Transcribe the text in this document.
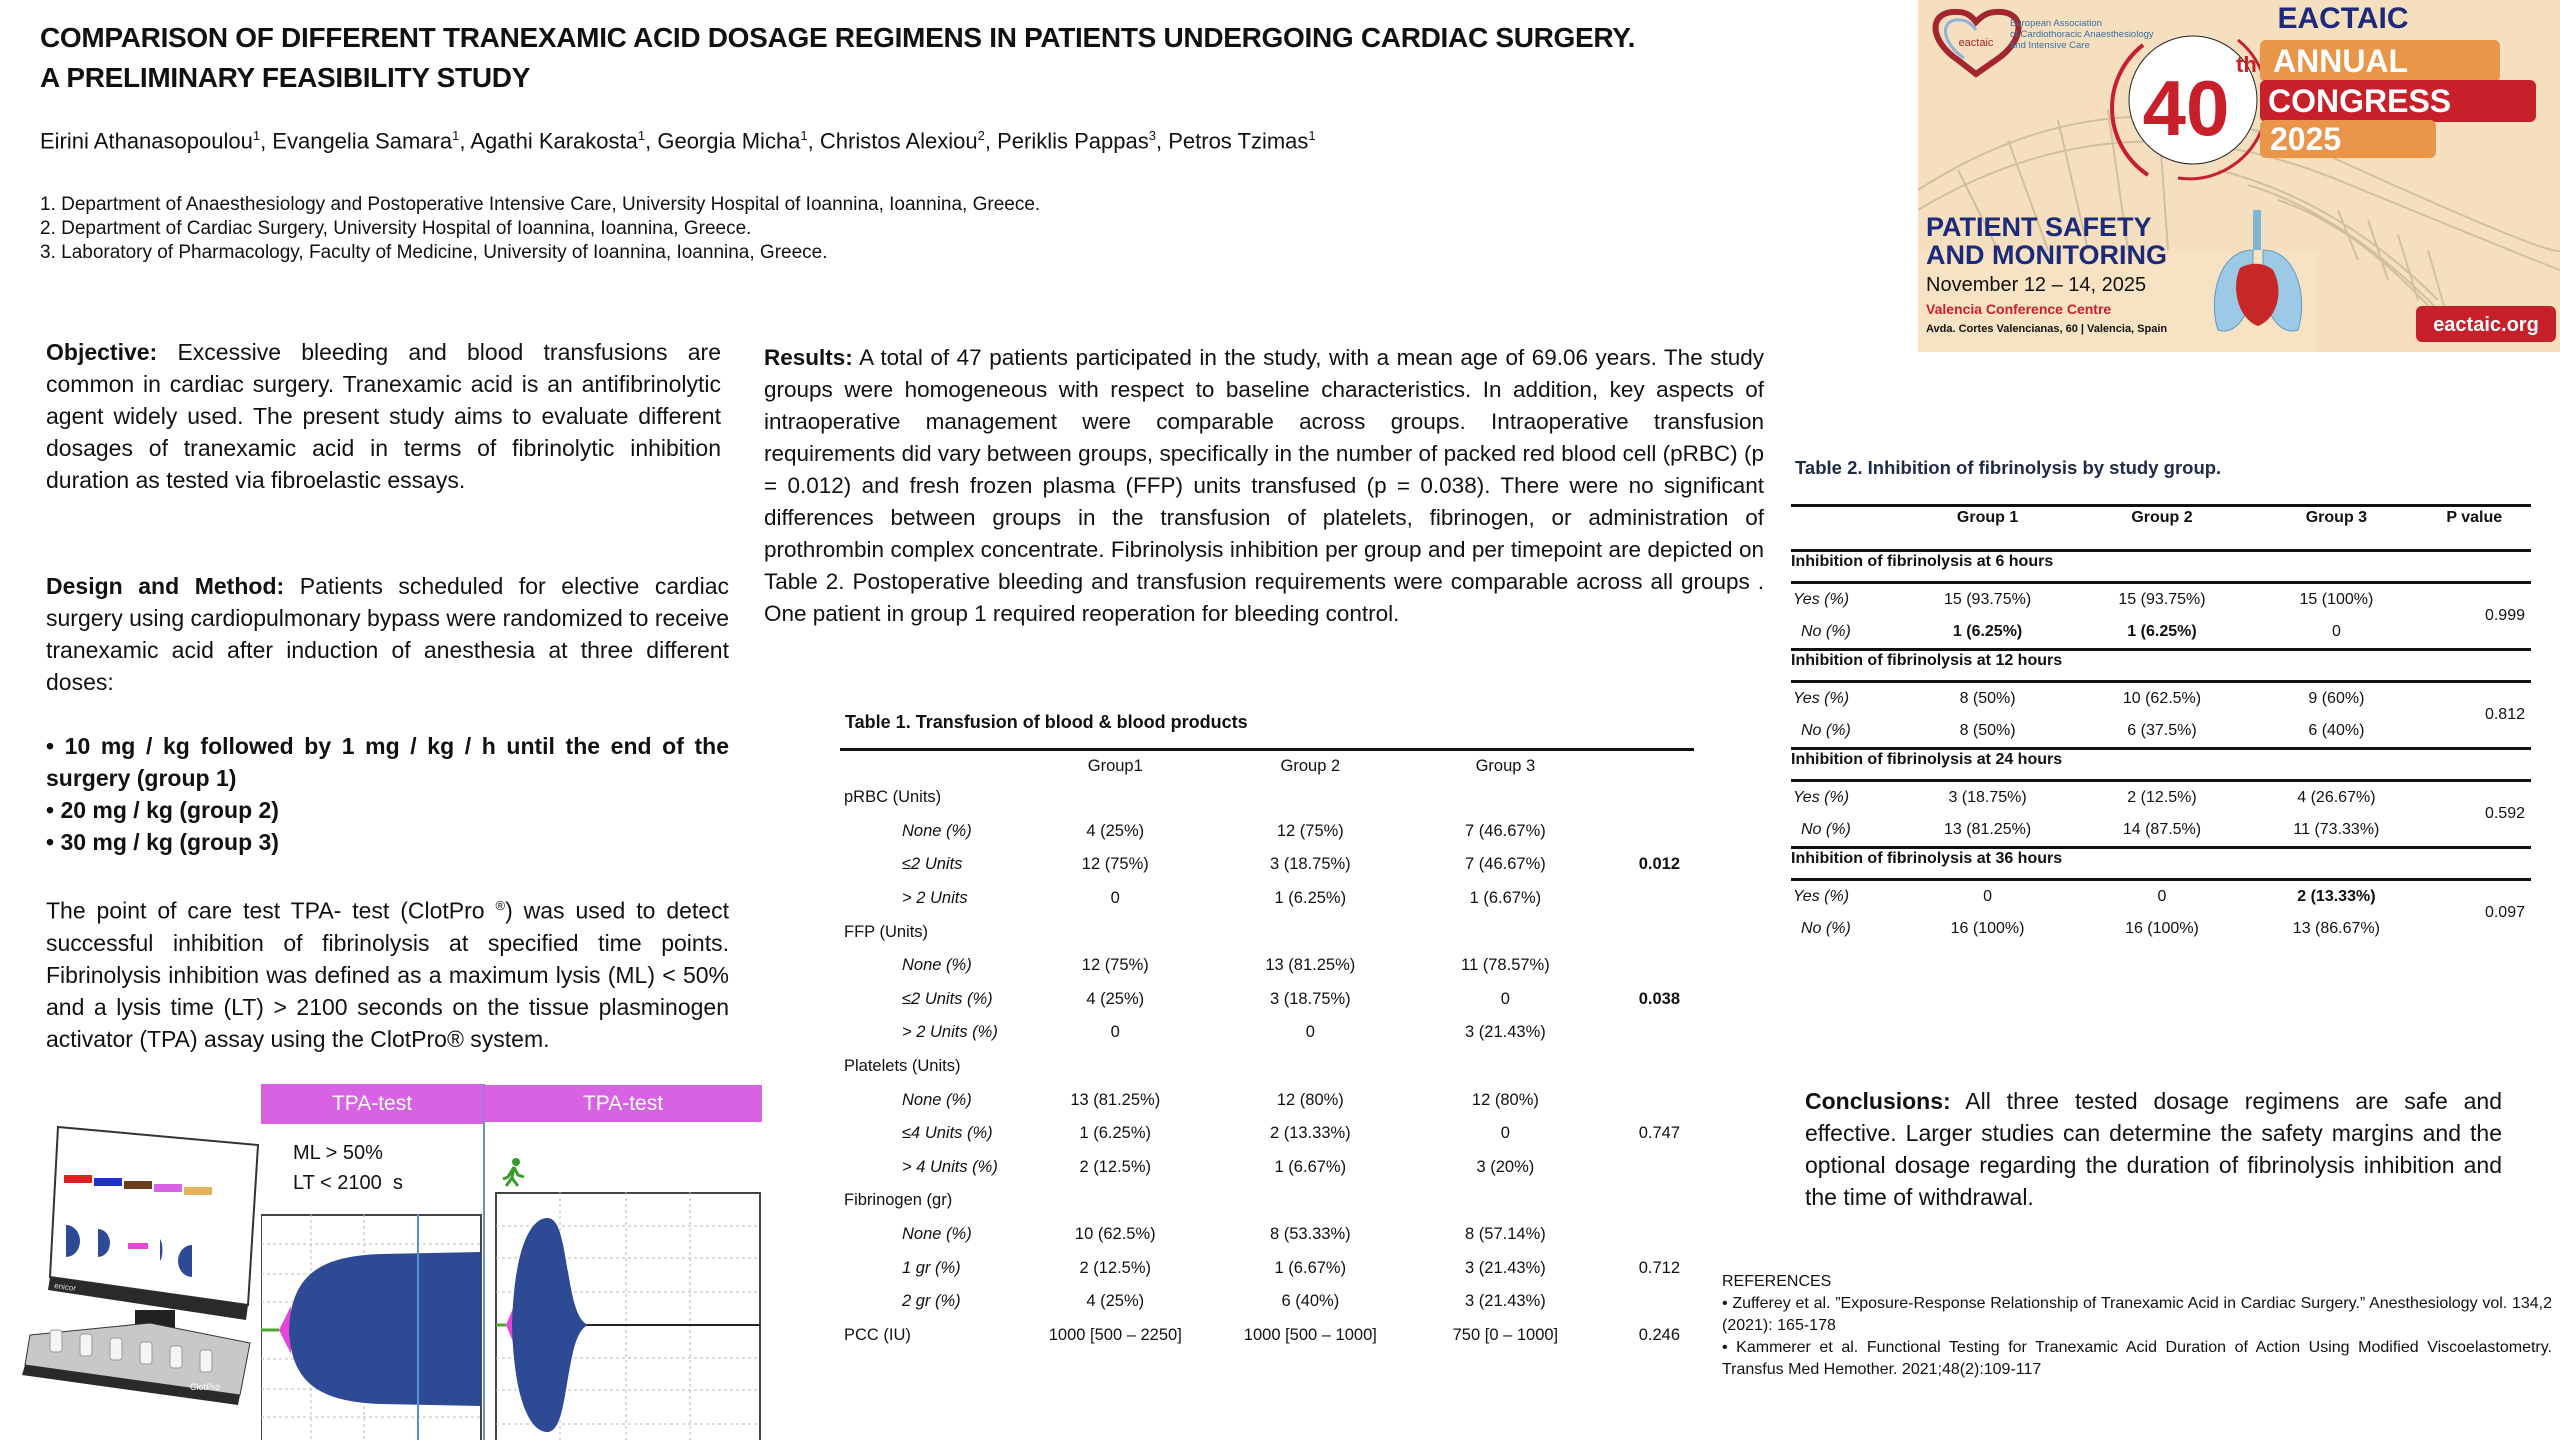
COMPARISON OF DIFFERENT TRANEXAMIC ACID DOSAGE REGIMENS IN PATIENTS UNDERGOING CARDIAC SURGERY.
A PRELIMINARY FEASIBILITY STUDY
Eirini Athanasopoulou$^1$, Evangelia Samara$^1$, Agathi Karakosta$^1$, Georgia Micha$^1$, Christos Alexiou$^2$, Periklis Pappas$^3$, Petros Tzimas$^1$
1. Department of Anaesthesiology and Postoperative Intensive Care, University Hospital of Ioannina, Ioannina, Greece.
2. Department of Cardiac Surgery, University Hospital of Ioannina, Ioannina, Greece.
3. Laboratory of Pharmacology, Faculty of Medicine, University of Ioannina, Ioannina, Greece.
eactaic
European Association
of Cardiothoracic Anaesthesiology
and Intensive Care
40 th
EACTAIC
ANNUAL
CONGRESS
2025
PATIENT SAFETY
AND MONITORING
November 12 – 14, 2025
Valencia Conference Centre
Avda. Cortes Valencianas, 60 | Valencia, Spain	eactaic.org
Objective: Excessive bleeding and blood transfusions are common in cardiac surgery. Tranexamic acid is an antifibrinolytic agent widely used. The present study aims to evaluate different dosages of tranexamic acid in terms of fibrinolytic inhibition duration as tested via fibroelastic essays.
Design and Method: Patients scheduled for elective cardiac surgery using cardiopulmonary bypass were randomized to receive tranexamic acid after induction of anesthesia at three different doses:
• 10 mg / kg followed by 1 mg / kg / h until the end of the surgery (group 1)
• 20 mg / kg (group 2)
• 30 mg / kg (group 3)
The point of care test TPA- test (ClotPro ®) was used to detect successful inhibition of fibrinolysis at specified time points. Fibrinolysis inhibition was defined as a maximum lysis (ML) < 50% and a lysis time (LT) > 2100 seconds on the tissue plasminogen activator (TPA) assay using the ClotPro® system.
enicor
ClotPro
TPA-test
ML > 50%
LT < 2100  s
TPA-test
Results: A total of 47 patients participated in the study, with a mean age of 69.06 years. The study groups were homogeneous with respect to baseline characteristics. In addition, key aspects of intraoperative management were comparable across groups. Intraoperative transfusion requirements did vary between groups, specifically in the number of packed red blood cell (pRBC) (p = 0.012) and fresh frozen plasma (FFP) units transfused (p = 0.038). There were no significant differences between groups in the transfusion of platelets, fibrinogen, or administration of prothrombin complex concentrate. Fibrinolysis inhibition per group and per timepoint are depicted on Table 2. Postoperative bleeding and transfusion requirements were comparable across all groups . One patient in group 1 required reoperation for bleeding control.
Table 1. Transfusion of blood & blood products
	Group1	Group 2	Group 3	
pRBC (Units)				
None (%)	4 (25%)	12 (75%)	7 (46.67%)	
≤2 Units	12 (75%)	3 (18.75%)	7 (46.67%)	0.012
> 2 Units	0	1 (6.25%)	1 (6.67%)	
FFP (Units)				
None (%)	12 (75%)	13 (81.25%)	11 (78.57%)	
≤2 Units (%)	4 (25%)	3 (18.75%)	0	0.038
> 2 Units (%)	0	0	3 (21.43%)	
Platelets (Units)				
None (%)	13 (81.25%)	12 (80%)	12 (80%)	
≤4 Units (%)	1 (6.25%)	2 (13.33%)	0	0.747
> 4 Units (%)	2 (12.5%)	1 (6.67%)	3 (20%)	
Fibrinogen (gr)				
None (%)	10 (62.5%)	8 (53.33%)	8 (57.14%)	
1 gr (%)	2 (12.5%)	1 (6.67%)	3 (21.43%)	0.712
2 gr (%)	4 (25%)	6 (40%)	3 (21.43%)	
PCC (IU)	1000 [500 – 2250]	1000 [500 – 1000]	750 [0 – 1000]	0.246
Table 2. Inhibition of fibrinolysis by study group.
	Group 1	Group 2	Group 3	P value
Inhibition of fibrinolysis at 6 hours				
Yes (%)	15 (93.75%)	15 (93.75%)	15 (100%)	0.999
No (%)	1 (6.25%)	1 (6.25%)	0	
Inhibition of fibrinolysis at 12 hours				
Yes (%)	8 (50%)	10 (62.5%)	9 (60%)	0.812
No (%)	8 (50%)	6 (37.5%)	6 (40%)	
Inhibition of fibrinolysis at 24 hours				
Yes (%)	3 (18.75%)	2 (12.5%)	4 (26.67%)	0.592
No (%)	13 (81.25%)	14 (87.5%)	11 (73.33%)	
Inhibition of fibrinolysis at 36 hours				
Yes (%)	0	0	2 (13.33%)	0.097
No (%)	16 (100%)	16 (100%)	13 (86.67%)	
Conclusions: All three tested dosage regimens are safe and effective. Larger studies can determine the safety margins and the optional dosage regarding the duration of fibrinolysis inhibition and the time of withdrawal.
REFERENCES
• Zufferey et al. ”Exposure-Response Relationship of Tranexamic Acid in Cardiac Surgery.” Anesthesiology vol. 134,2 (2021): 165-178
• Kammerer et al. Functional Testing for Tranexamic Acid Duration of Action Using Modified Viscoelastometry. Transfus Med Hemother. 2021;48(2):109-117
